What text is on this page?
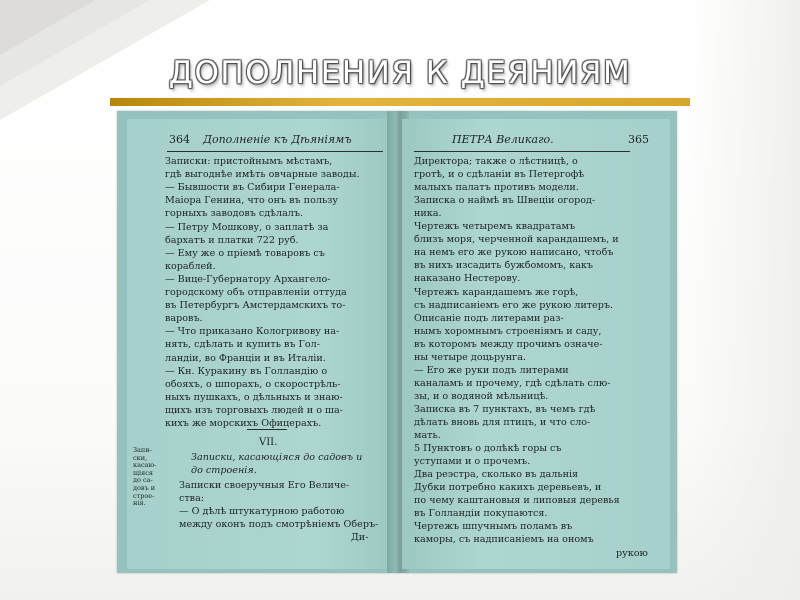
ДОПОЛНЕНИЯ К ДЕЯНИЯМ
364 Дополненіе къ Дѣяніямъ
Записки: пристойнымъ мѣстамъ,
гдѣ выгоднѣе имѣть овчарные заводы.
— Бывшости въ Сибири Генерала-
Маіора Генина, что онъ въ пользу
горныхъ заводовъ сдѣлалъ.
— Петру Мошкову, о заплатѣ за
бархатъ и платки 722 руб.
— Ему же о пріемѣ товаровъ съ
кораблей.
— Вице-Губернатору Архангело-
городскому объ отправленіи оттуда
въ Петербургъ Амстердамскихъ то-
варовъ.
— Что приказано Кологривову на-
нять, сдѣлать и купить въ Гол-
ландіи, во Франціи и въ Италіи.
— Кн. Куракину въ Голландію о
обояхъ, о шпорахъ, о скорострѣль-
ныхъ пушкахъ, о дѣльныхъ и знаю-
щихъ изъ торговыхъ людей и о ша-
кихъ же морскихъ Офицерахъ.
VII.
Записки, касающіяся до садовъ и
до строенія.
Запи-
ски,
касаю-
щіяся
до са-
довъ и
строе-
нія.
Записки своеручныя Его Величе-
ства:
— О дѣлѣ штукатурною работою
между оконъ подъ смотрѣніемъ Оберъ-
Ди-
ПЕТРА Великаго.	365
Директора; также о лѣстницѣ, о
гротѣ, и о сдѣланіи въ Петергофѣ
малыхъ палатъ противъ модели.
Записка о наймѣ въ Швеціи огород-
ника.
Чертежъ четыремъ квадратамъ
близъ моря, черченной карандашемъ, и
на немъ его же рукою написано, чтобъ
въ нихъ изсадить бужбомомъ, какъ
наказано Нестерову.
Чертежъ карандашемъ же горѣ,
съ надписаніемъ его же рукою литеръ.
Описаніе подъ литерами раз-
нымъ хоромнымъ строеніямъ и саду,
въ которомъ между прочимъ означе-
ны четыре доцьрунга.
— Его же руки подъ литерами
каналамъ и прочему, гдѣ сдѣлать слю-
зы, и о водяной мѣльницѣ.
Записка въ 7 пунктахъ, въ чемъ гдѣ
дѣлать вновь для птицъ, и что сло-
мать.
5 Пунктовъ о долѣкѣ горы съ
уступами и о прочемъ.
Два реэстра, сколько въ дальнія
Дубки потребно какихъ деревьевъ, и
по чему каштановыя и липовыя деревья
въ Голландіи покупаются.
Чертежъ шпучнымъ поламъ въ
каморы, съ надписаніемъ на ономъ
рукою
